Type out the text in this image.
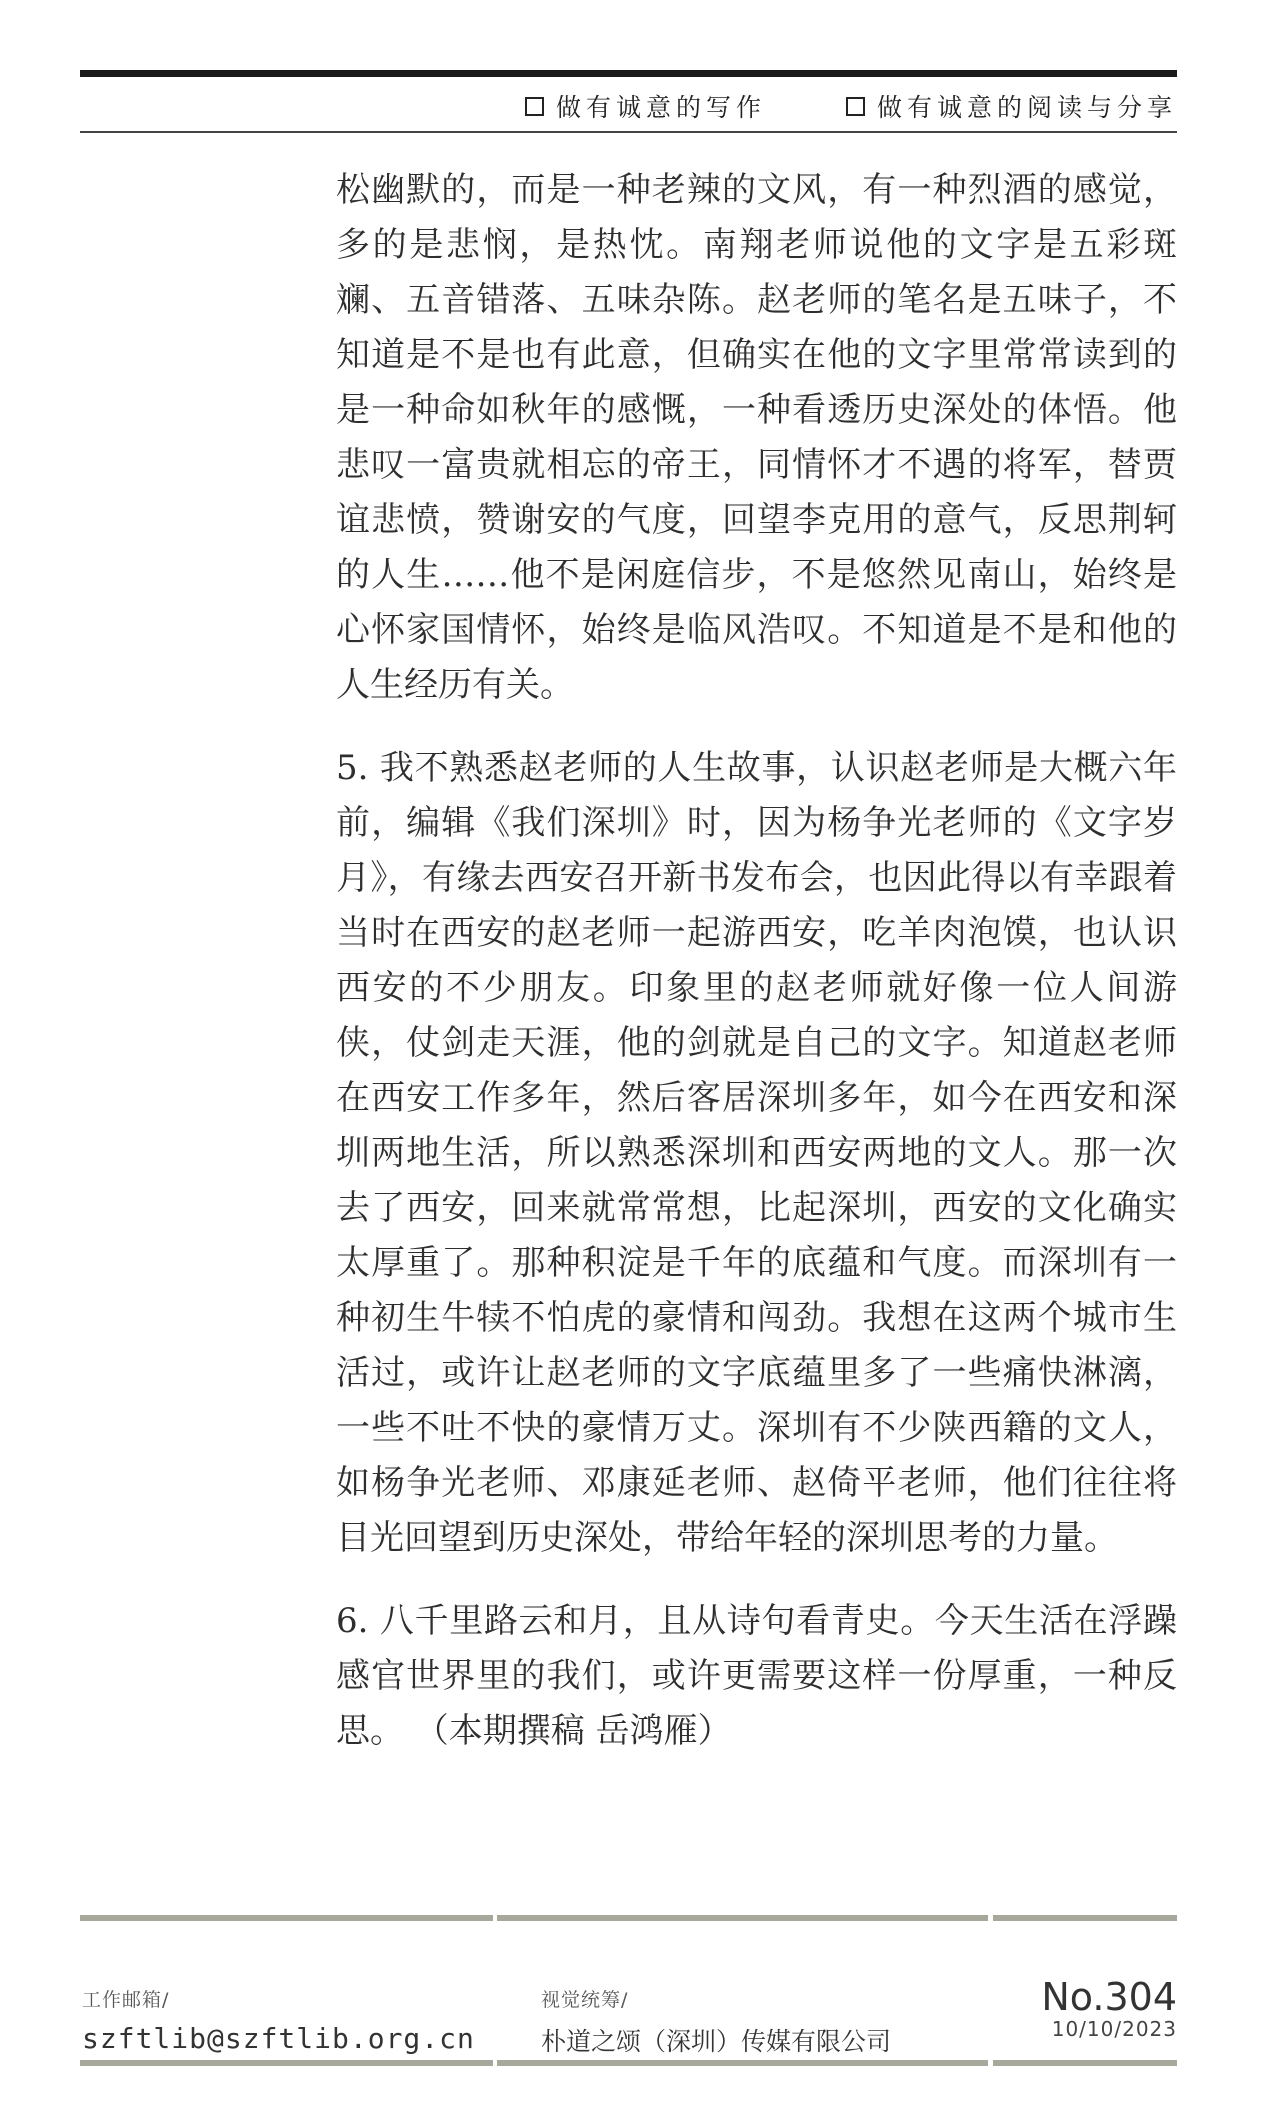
做有诚意的写作	做有诚意的阅读与分享

松幽默的，而是一种老辣的文风，有一种烈酒的感觉，多的是悲悯，是热忱。南翔老师说他的文字是五彩斑斓、五音错落、五味杂陈。赵老师的笔名是五味子，不知道是不是也有此意，但确实在他的文字里常常读到的是一种命如秋年的感慨，一种看透历史深处的体悟。他悲叹一富贵就相忘的帝王，同情怀才不遇的将军，替贾谊悲愤，赞谢安的气度，回望李克用的意气，反思荆轲的人生……他不是闲庭信步，不是悠然见南山，始终是心怀家国情怀，始终是临风浩叹。不知道是不是和他的人生经历有关。

5. 我不熟悉赵老师的人生故事，认识赵老师是大概六年前，编辑《我们深圳》时，因为杨争光老师的《文字岁月》，有缘去西安召开新书发布会，也因此得以有幸跟着当时在西安的赵老师一起游西安，吃羊肉泡馍，也认识西安的不少朋友。印象里的赵老师就好像一位人间游侠，仗剑走天涯，他的剑就是自己的文字。知道赵老师在西安工作多年，然后客居深圳多年，如今在西安和深圳两地生活，所以熟悉深圳和西安两地的文人。那一次去了西安，回来就常常想，比起深圳，西安的文化确实太厚重了。那种积淀是千年的底蕴和气度。而深圳有一种初生牛犊不怕虎的豪情和闯劲。我想在这两个城市生活过，或许让赵老师的文字底蕴里多了一些痛快淋漓，一些不吐不快的豪情万丈。深圳有不少陕西籍的文人，如杨争光老师、邓康延老师、赵倚平老师，他们往往将目光回望到历史深处，带给年轻的深圳思考的力量。

6. 八千里路云和月，且从诗句看青史。今天生活在浮躁感官世界里的我们，或许更需要这样一份厚重，一种反思。 （本期撰稿 岳鸿雁）

工作邮箱/
szftlib@szftlib.org.cn
视觉统筹/
朴道之颂（深圳）传媒有限公司
No.304
10/10/2023
